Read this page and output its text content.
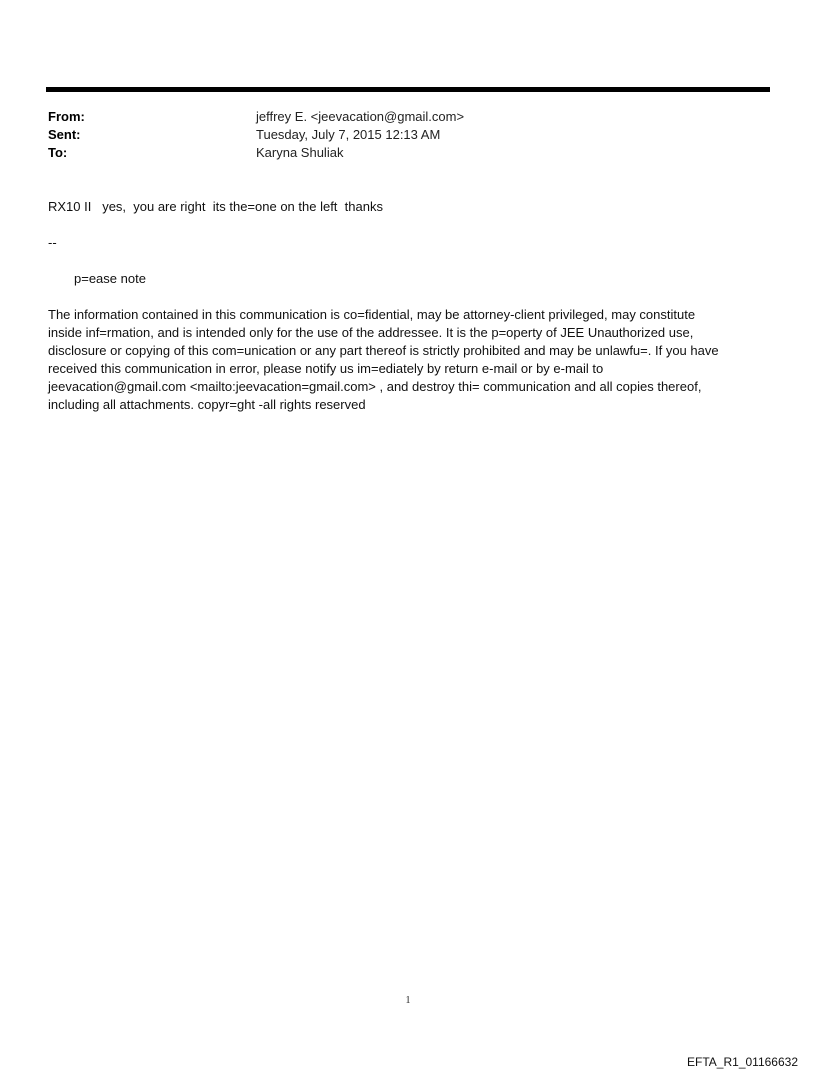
From:	jeffrey E. <jeevacation@gmail.com>
Sent:	Tuesday, July 7, 2015 12:13 AM
To:	Karyna Shuliak
RX10 II   yes,  you are right  its the=one on the left  thanks
--
p=ease note
The information contained in this communication is co=fidential, may be attorney-client privileged, may constitute
inside inf=rmation, and is intended only for the use of the addressee. It is the p=operty of JEE Unauthorized use,
disclosure or copying of this com=unication or any part thereof is strictly prohibited and may be unlawfu=. If you have
received this communication in error, please notify us im=ediately by return e-mail or by e-mail to
jeevacation@gmail.com <mailto:jeevacation=gmail.com> , and destroy thi= communication and all copies thereof,
including all attachments. copyr=ght -all rights reserved
1
EFTA_R1_01166632
